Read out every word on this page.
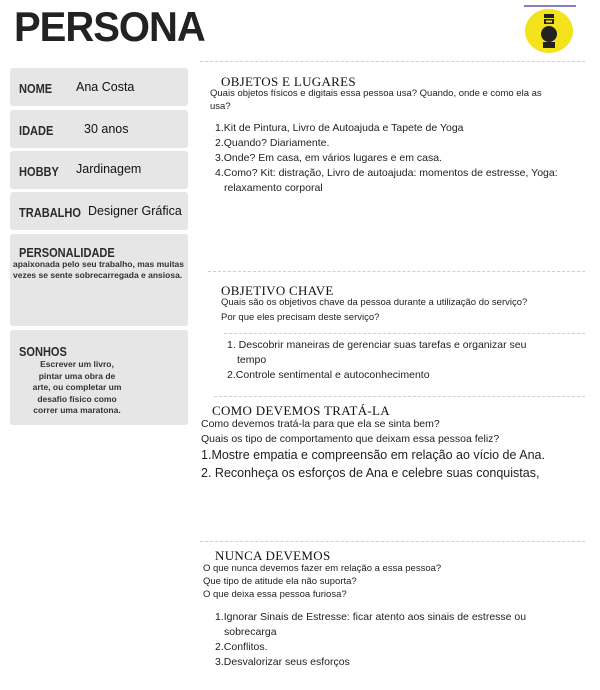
PERSONA
NOME Ana Costa
IDADE 30 anos
HOBBY Jardinagem
TRABALHO Designer Gráfica
PERSONALIDADE
apaixonada pelo seu trabalho, mas muitas
vezes se sente sobrecarregada e ansiosa.
SONHOS
Escrever um livro,
pintar uma obra de
arte, ou completar um
desafio físico como
correr uma maratona.
OBJETOS E LUGARES
Quais objetos físicos e digitais essa pessoa usa? Quando, onde e como ela as
usa?
1.Kit de Pintura, Livro de Autoajuda e Tapete de Yoga
2.Quando? Diariamente.
3.Onde? Em casa, em vários lugares e em casa.
4.Como? Kit: distração, Livro de autoajuda: momentos de estresse, Yoga:
relaxamento corporal
OBJETIVO CHAVE
Quais são os objetivos chave da pessoa durante a utilização do serviço?
Por que eles precisam deste serviço?
1. Descobrir maneiras de gerenciar suas tarefas e organizar seu
tempo
2.Controle sentimental e autoconhecimento
COMO DEVEMOS TRATÁ-LA
Como devemos tratá-la para que ela se sinta bem?
Quais os tipo de comportamento que deixam essa pessoa feliz?
1.Mostre empatia e compreensão em relação ao vício de Ana.
2. Reconheça os esforços de Ana e celebre suas conquistas,
NUNCA DEVEMOS
O que nunca devemos fazer em relação a essa pessoa?
Que tipo de atitude ela não suporta?
O que deixa essa pessoa furiosa?
1.Ignorar Sinais de Estresse: ficar atento aos sinais de estresse ou
sobrecarga
2.Conflitos.
3.Desvalorizar seus esforços
